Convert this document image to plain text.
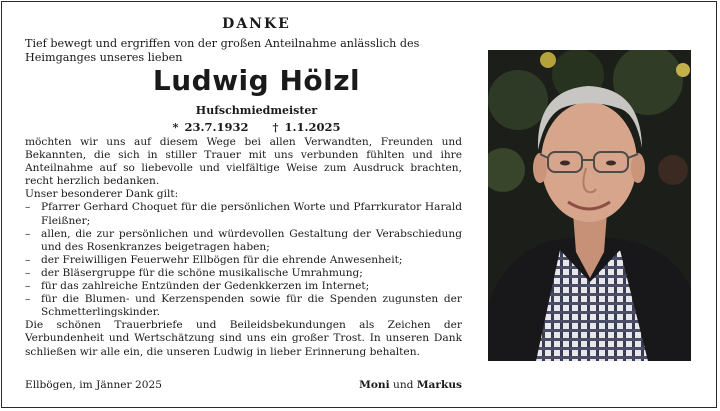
DANKE
Tief bewegt und ergriffen von der großen Anteilnahme anlässlich des Heimganges unseres lieben
Ludwig Hölzl
Hufschmiedmeister
* 23.7.1932 † 1.1.2025

möchten wir uns auf diesem Wege bei allen Verwandten, Freunden und Bekannten, die sich in stiller Trauer mit uns verbunden fühlten und ihre Anteilnahme auf so liebevolle und vielfältige Weise zum Ausdruck brachten, recht herzlich bedanken.

Unser besonderer Dank gilt:

– Pfarrer Gerhard Choquet für die persönlichen Worte und Pfarrkurator Harald Fleißner;
– allen, die zur persönlichen und würdevollen Gestaltung der Verabschiedung und des Rosenkranzes beigetragen haben;
– der Freiwilligen Feuerwehr Ellbögen für die ehrende Anwesenheit;
– der Bläsergruppe für die schöne musikalische Umrahmung;
– für das zahlreiche Entzünden der Gedenkkerzen im Internet;
– für die Blumen- und Kerzenspenden sowie für die Spenden zugunsten der Schmetterlingskinder.

Die schönen Trauerbriefe und Beileidsbekundungen als Zeichen der Verbundenheit und Wertschätzung sind uns ein großer Trost. In unseren Dank schließen wir alle ein, die unseren Ludwig in lieber Erinnerung behalten.

Ellbögen, im Jänner 2025	Moni und Markus
